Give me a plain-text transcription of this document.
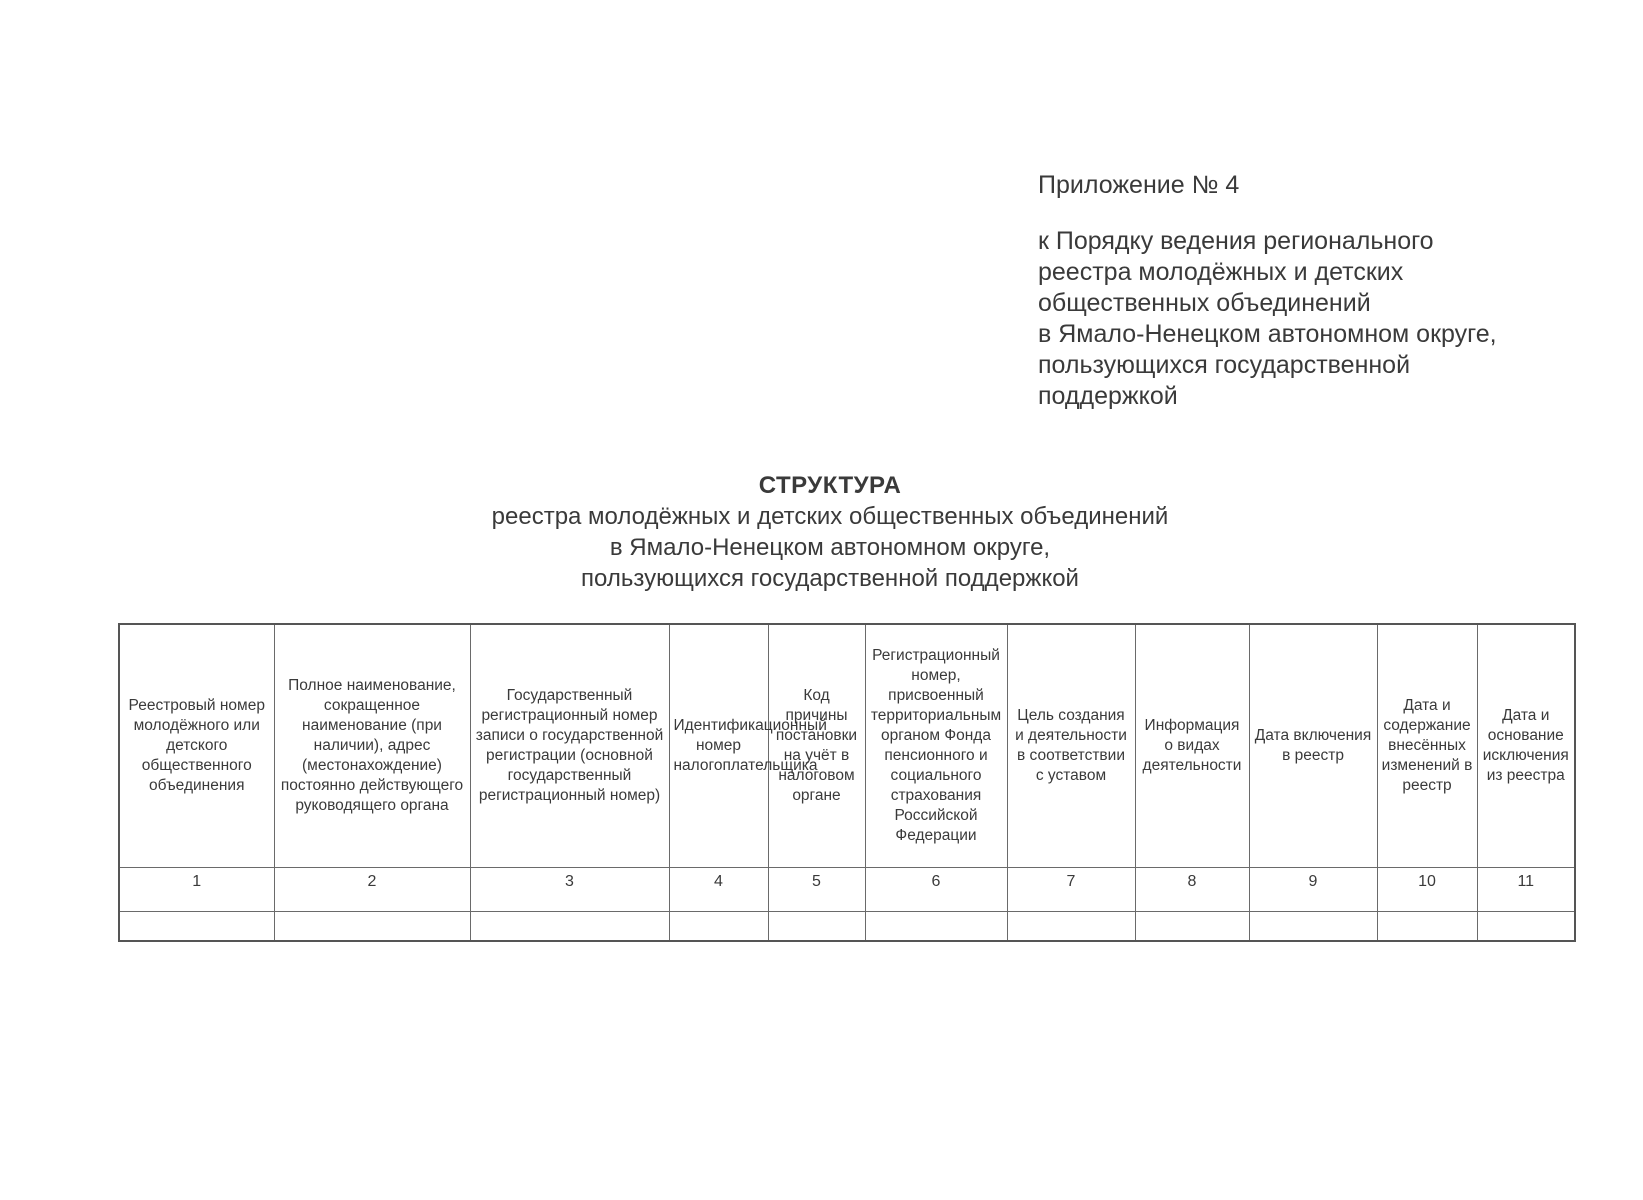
Приложение № 4
к Порядку ведения регионального
реестра молодёжных и детских
общественных объединений
в Ямало-Ненецком автономном округе,
пользующихся государственной
поддержкой
СТРУКТУРА
реестра молодёжных и детских общественных объединений
в Ямало-Ненецком автономном округе,
пользующихся государственной поддержкой
Реестровый номер молодёжного или детского общественного объединения	Полное наименование, сокращенное наименование (при наличии), адрес (местонахождение) постоянно действующего руководящего органа	Государственный регистрационный номер записи о государственной регистрации (основной государственный регистрационный номер)	Идентификационный номер налогоплательщика	Код причины постановки на учёт в налоговом органе	Регистрационный номер, присвоенный территориальным органом Фонда пенсионного и социального страхования Российской Федерации	Цель создания и деятельности в соответствии с уставом	Информация о видах деятельности	Дата включения в реестр	Дата и содержание внесённых изменений в реестр	Дата и основание исключения из реестра
1	2	3	4	5	6	7	8	9	10	11
